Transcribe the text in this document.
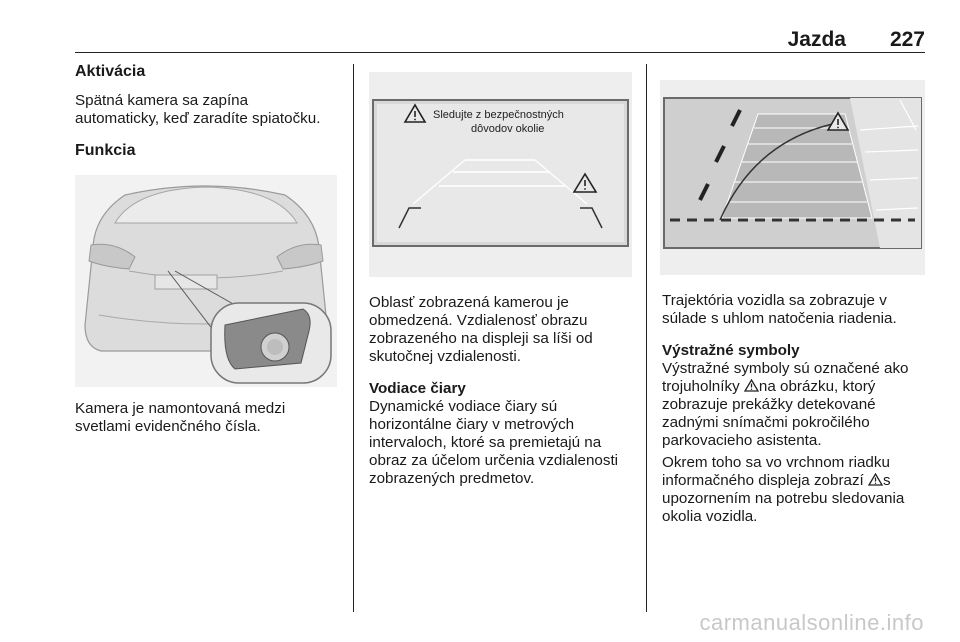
Jazda 227
Aktivácia
Spätná kamera sa zapína
automaticky, keď zaradíte spiatočku.
Funkcia
Kamera je namontovaná medzi
svetlami evidenčného čísla.
Sledujte z bezpečnostných
dôvodov okolie
Oblasť zobrazená kamerou je
obmedzená. Vzdialenosť obrazu
zobrazeného na displeji sa líši od
skutočnej vzdialenosti.
Vodiace čiary
Dynamické vodiace čiary sú
horizontálne čiary v metrových
intervaloch, ktoré sa premietajú na
obraz za účelom určenia vzdialenosti
zobrazených predmetov.
Trajektória vozidla sa zobrazuje v
súlade s uhlom natočenia riadenia.
Výstražné symboly
Výstražné symboly sú označené ako
trojuholníky na obrázku, ktorý
zobrazuje prekážky detekované
zadnými snímačmi pokročilého
parkovacieho asistenta.
Okrem toho sa vo vrchnom riadku
informačného displeja zobrazí s
upozornením na potrebu sledovania
okolia vozidla.
carmanualsonline.info
